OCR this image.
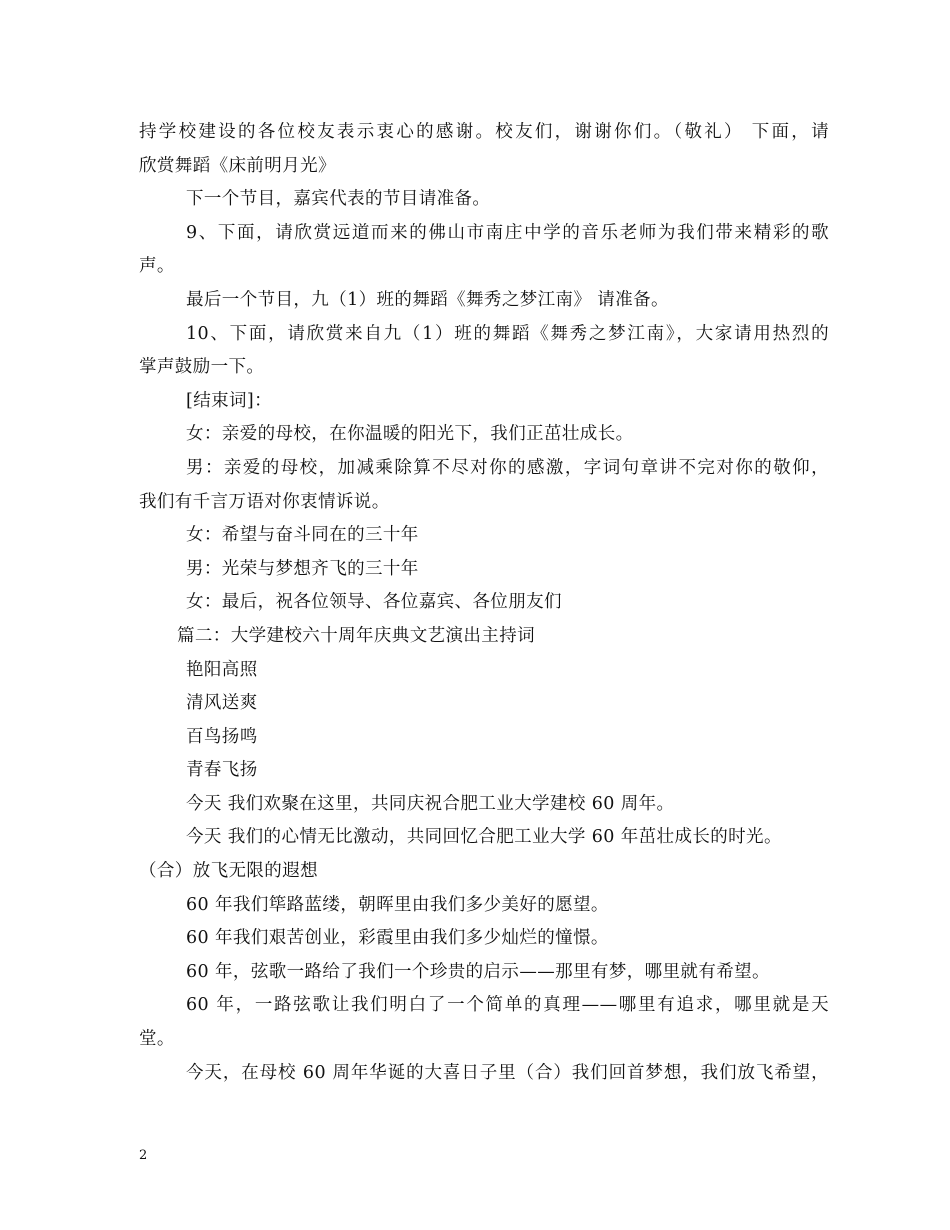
持学校建设的各位校友表示衷心的感谢。校友们，谢谢你们。（敬礼） 下面，请
欣赏舞蹈《床前明月光》
下一个节目，嘉宾代表的节目请准备。
9、下面，请欣赏远道而来的佛山市南庄中学的音乐老师为我们带来精彩的歌
声。
最后一个节目，九（1）班的舞蹈《舞秀之梦江南》 请准备。
10、下面，请欣赏来自九（1）班的舞蹈《舞秀之梦江南》，大家请用热烈的
掌声鼓励一下。
[结束词]：
女：亲爱的母校，在你温暖的阳光下，我们正茁壮成长。
男：亲爱的母校，加减乘除算不尽对你的感激，字词句章讲不完对你的敬仰，
我们有千言万语对你衷情诉说。
女：希望与奋斗同在的三十年
男：光荣与梦想齐飞的三十年
女：最后，祝各位领导、各位嘉宾、各位朋友们
篇二：大学建校六十周年庆典文艺演出主持词
艳阳高照
清风送爽
百鸟扬鸣
青春飞扬
今天 我们欢聚在这里，共同庆祝合肥工业大学建校 60 周年。
今天 我们的心情无比激动，共同回忆合肥工业大学 60 年茁壮成长的时光。
（合）放飞无限的遐想
60 年我们筚路蓝缕，朝晖里由我们多少美好的愿望。
60 年我们艰苦创业，彩霞里由我们多少灿烂的憧憬。
60 年，弦歌一路给了我们一个珍贵的启示——那里有梦，哪里就有希望。
60 年，一路弦歌让我们明白了一个简单的真理——哪里有追求，哪里就是天
堂。
今天，在母校 60 周年华诞的大喜日子里（合）我们回首梦想，我们放飞希望，
2
